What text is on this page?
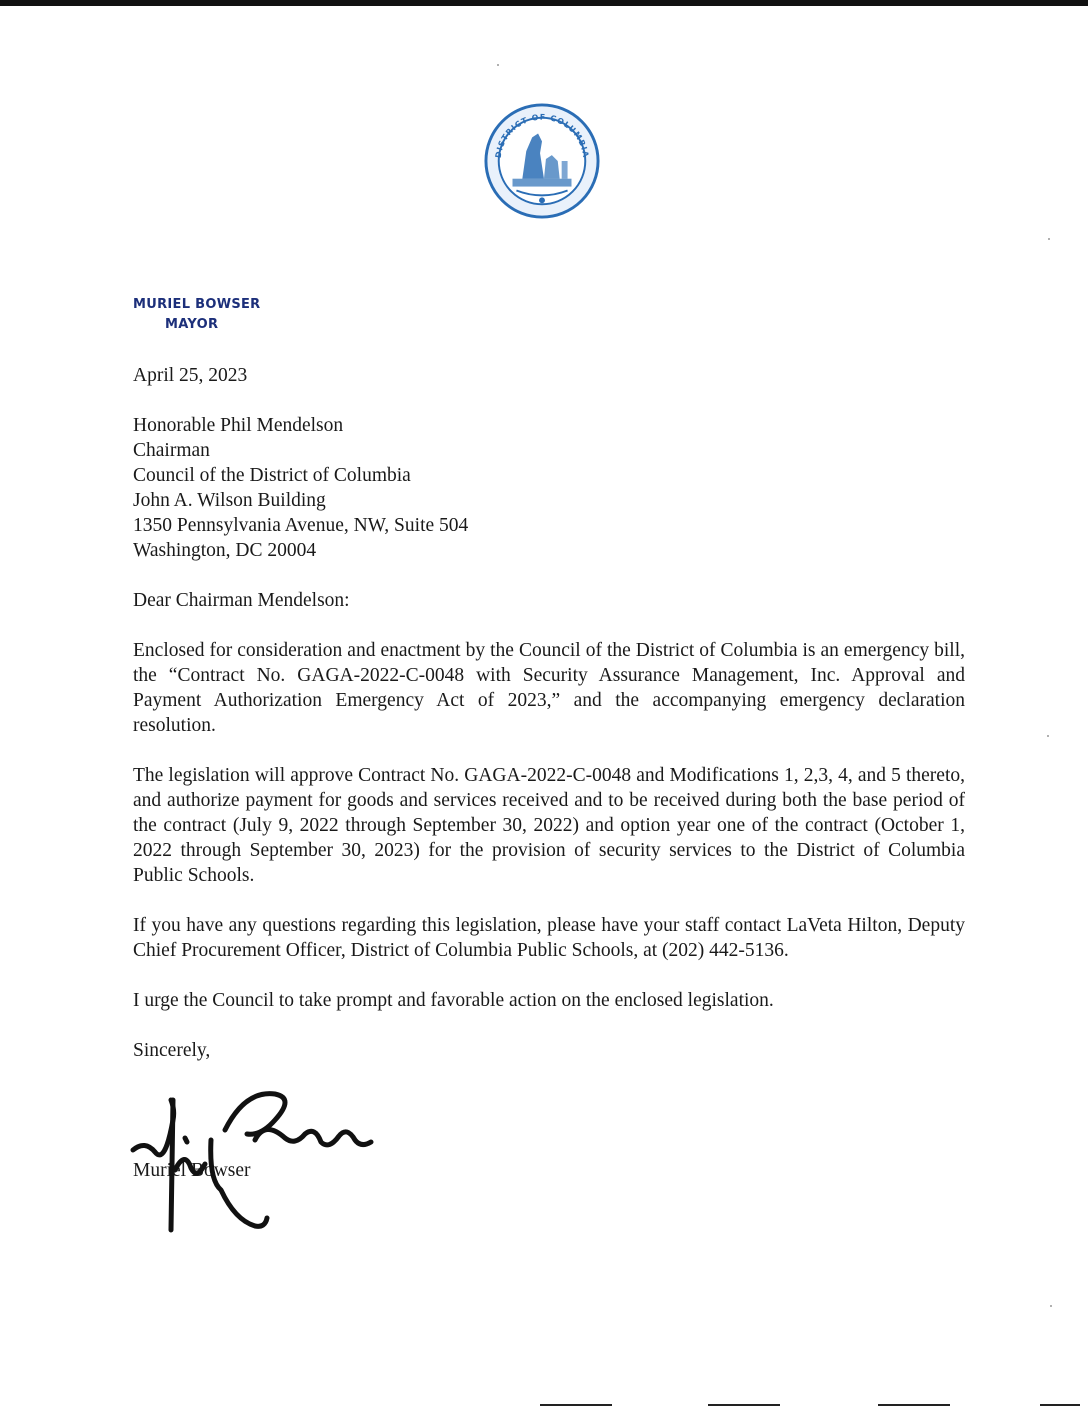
DISTRICT OF COLUMBIA
MURIEL BOWSER
MAYOR
April 25, 2023
Honorable Phil Mendelson
Chairman
Council of the District of Columbia
John A. Wilson Building
1350 Pennsylvania Avenue, NW, Suite 504
Washington, DC 20004
Dear Chairman Mendelson:

Enclosed for consideration and enactment by the Council of the District of Columbia is an emergency bill, the “Contract No. GAGA-2022-C-0048 with Security Assurance Management, Inc. Approval and Payment Authorization Emergency Act of 2023,” and the accompanying emergency declaration resolution.

The legislation will approve Contract No. GAGA-2022-C-0048 and Modifications 1, 2,3, 4, and 5 thereto, and authorize payment for goods and services received and to be received during both the base period of the contract (July 9, 2022 through September 30, 2022) and option year one of the contract (October 1, 2022 through September 30, 2023) for the provision of security services to the District of Columbia Public Schools.

If you have any questions regarding this legislation, please have your staff contact LaVeta Hilton, Deputy Chief Procurement Officer, District of Columbia Public Schools, at (202) 442-5136.

I urge the Council to take prompt and favorable action on the enclosed legislation.

Sincerely,
Muriel Bowser
